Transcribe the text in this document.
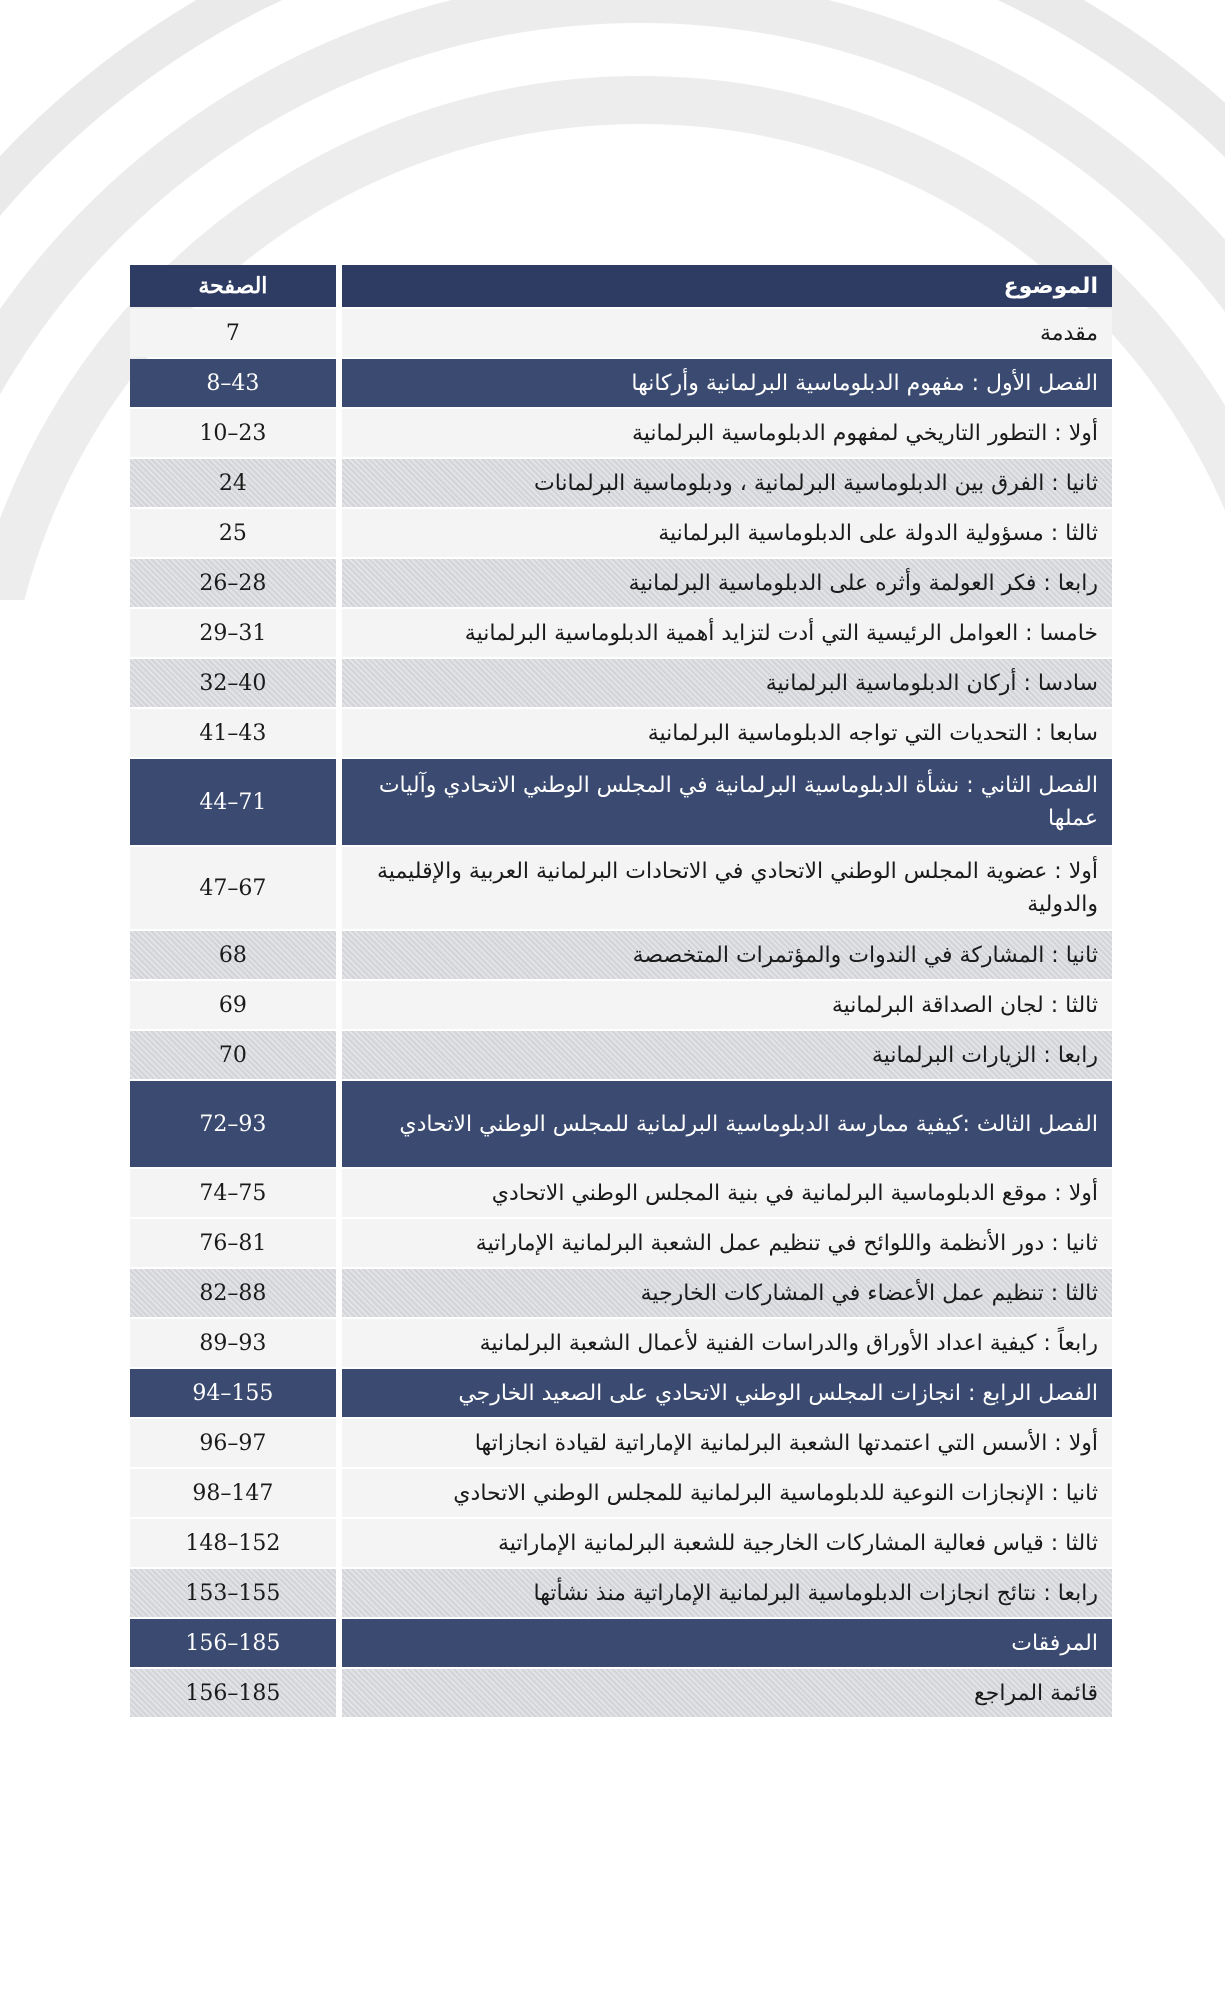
الموضوع	الصفحة
مقدمة	7
الفصل الأول : مفهوم الدبلوماسية البرلمانية وأركانها	8–43
أولا : التطور التاريخي لمفهوم الدبلوماسية البرلمانية	10–23
ثانيا : الفرق بين الدبلوماسية البرلمانية ، ودبلوماسية البرلمانات	24
ثالثا : مسؤولية الدولة على الدبلوماسية البرلمانية	25
رابعا : فكر العولمة وأثره على الدبلوماسية البرلمانية	26–28
خامسا : العوامل الرئيسية التي أدت لتزايد أهمية الدبلوماسية البرلمانية	29–31
سادسا : أركان الدبلوماسية البرلمانية	32–40
سابعا : التحديات التي تواجه الدبلوماسية البرلمانية	41–43
الفصل الثاني : نشأة الدبلوماسية البرلمانية في المجلس الوطني الاتحادي وآليات عملها	44–71
أولا : عضوية المجلس الوطني الاتحادي في الاتحادات البرلمانية العربية والإقليمية والدولية	47–67
ثانيا : المشاركة في الندوات والمؤتمرات المتخصصة	68
ثالثا : لجان الصداقة البرلمانية	69
رابعا : الزيارات البرلمانية	70
الفصل الثالث :كيفية ممارسة الدبلوماسية البرلمانية للمجلس الوطني الاتحادي	72–93
أولا : موقع الدبلوماسية البرلمانية في بنية المجلس الوطني الاتحادي	74–75
ثانيا : دور الأنظمة واللوائح في تنظيم عمل الشعبة البرلمانية الإماراتية	76–81
ثالثا : تنظيم عمل الأعضاء في المشاركات الخارجية	82–88
رابعاً : كيفية اعداد الأوراق والدراسات الفنية لأعمال الشعبة البرلمانية	89–93
الفصل الرابع : انجازات المجلس الوطني الاتحادي على الصعيد الخارجي	94–155
أولا : الأسس التي اعتمدتها الشعبة البرلمانية الإماراتية لقيادة انجازاتها	96–97
ثانيا : الإنجازات النوعية للدبلوماسية البرلمانية للمجلس الوطني الاتحادي	98–147
ثالثا : قياس فعالية المشاركات الخارجية للشعبة البرلمانية الإماراتية	148–152
رابعا : نتائج انجازات الدبلوماسية البرلمانية الإماراتية منذ نشأتها	153–155
المرفقات	156–185
قائمة المراجع	156–185
